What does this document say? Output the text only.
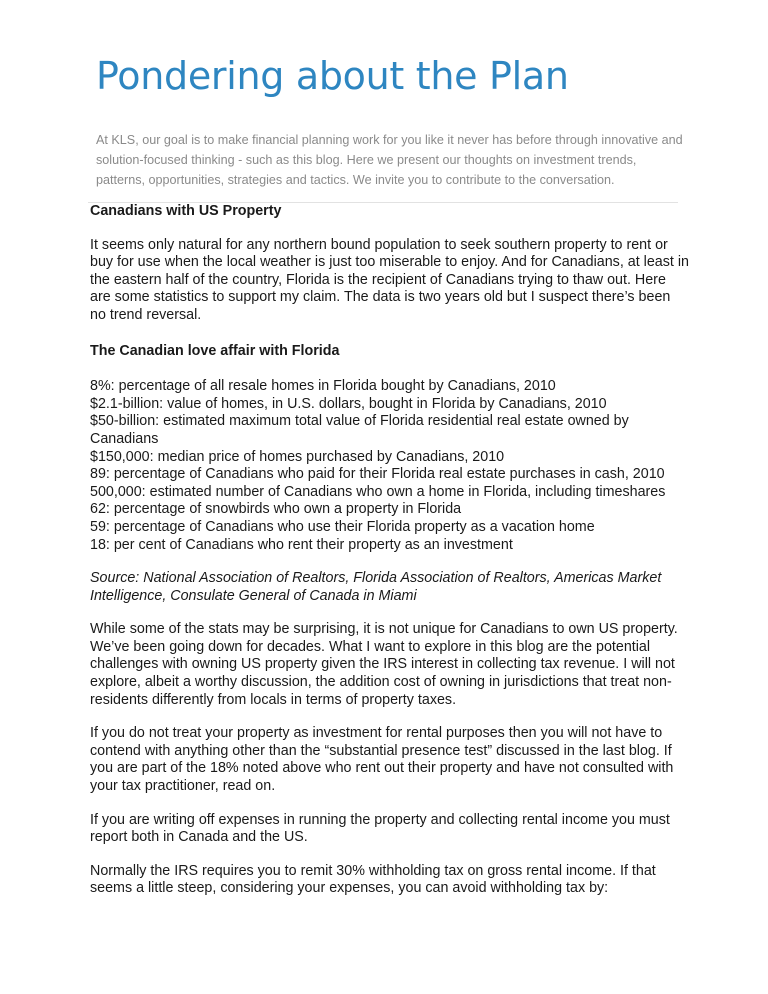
Pondering about the Plan
At KLS, our goal is to make financial planning work for you like it never has before through innovative and solution-focused thinking - such as this blog. Here we present our thoughts on investment trends, patterns, opportunities, strategies and tactics. We invite you to contribute to the conversation.

Canadians with US Property

It seems only natural for any northern bound population to seek southern property to rent or buy for use when the local weather is just too miserable to enjoy. And for Canadians, at least in the eastern half of the country, Florida is the recipient of Canadians trying to thaw out. Here are some statistics to support my claim. The data is two years old but I suspect there’s been no trend reversal.

The Canadian love affair with Florida

8%: percentage of all resale homes in Florida bought by Canadians, 2010

$2.1-billion: value of homes, in U.S. dollars, bought in Florida by Canadians, 2010

$50-billion: estimated maximum total value of Florida residential real estate owned by Canadians

$150,000: median price of homes purchased by Canadians, 2010

89: percentage of Canadians who paid for their Florida real estate purchases in cash, 2010

500,000: estimated number of Canadians who own a home in Florida, including timeshares

62: percentage of snowbirds who own a property in Florida

59: percentage of Canadians who use their Florida property as a vacation home

18: per cent of Canadians who rent their property as an investment

Source: National Association of Realtors, Florida Association of Realtors, Americas Market Intelligence, Consulate General of Canada in Miami

While some of the stats may be surprising, it is not unique for Canadians to own US property. We’ve been going down for decades. What I want to explore in this blog are the potential challenges with owning US property given the IRS interest in collecting tax revenue. I will not explore, albeit a worthy discussion, the addition cost of owning in jurisdictions that treat non-residents differently from locals in terms of property taxes.

If you do not treat your property as investment for rental purposes then you will not have to contend with anything other than the “substantial presence test” discussed in the last blog. If you are part of the 18% noted above who rent out their property and have not consulted with your tax practitioner, read on.

If you are writing off expenses in running the property and collecting rental income you must report both in Canada and the US.

Normally the IRS requires you to remit 30% withholding tax on gross rental income. If that seems a little steep, considering your expenses, you can avoid withholding tax by:
